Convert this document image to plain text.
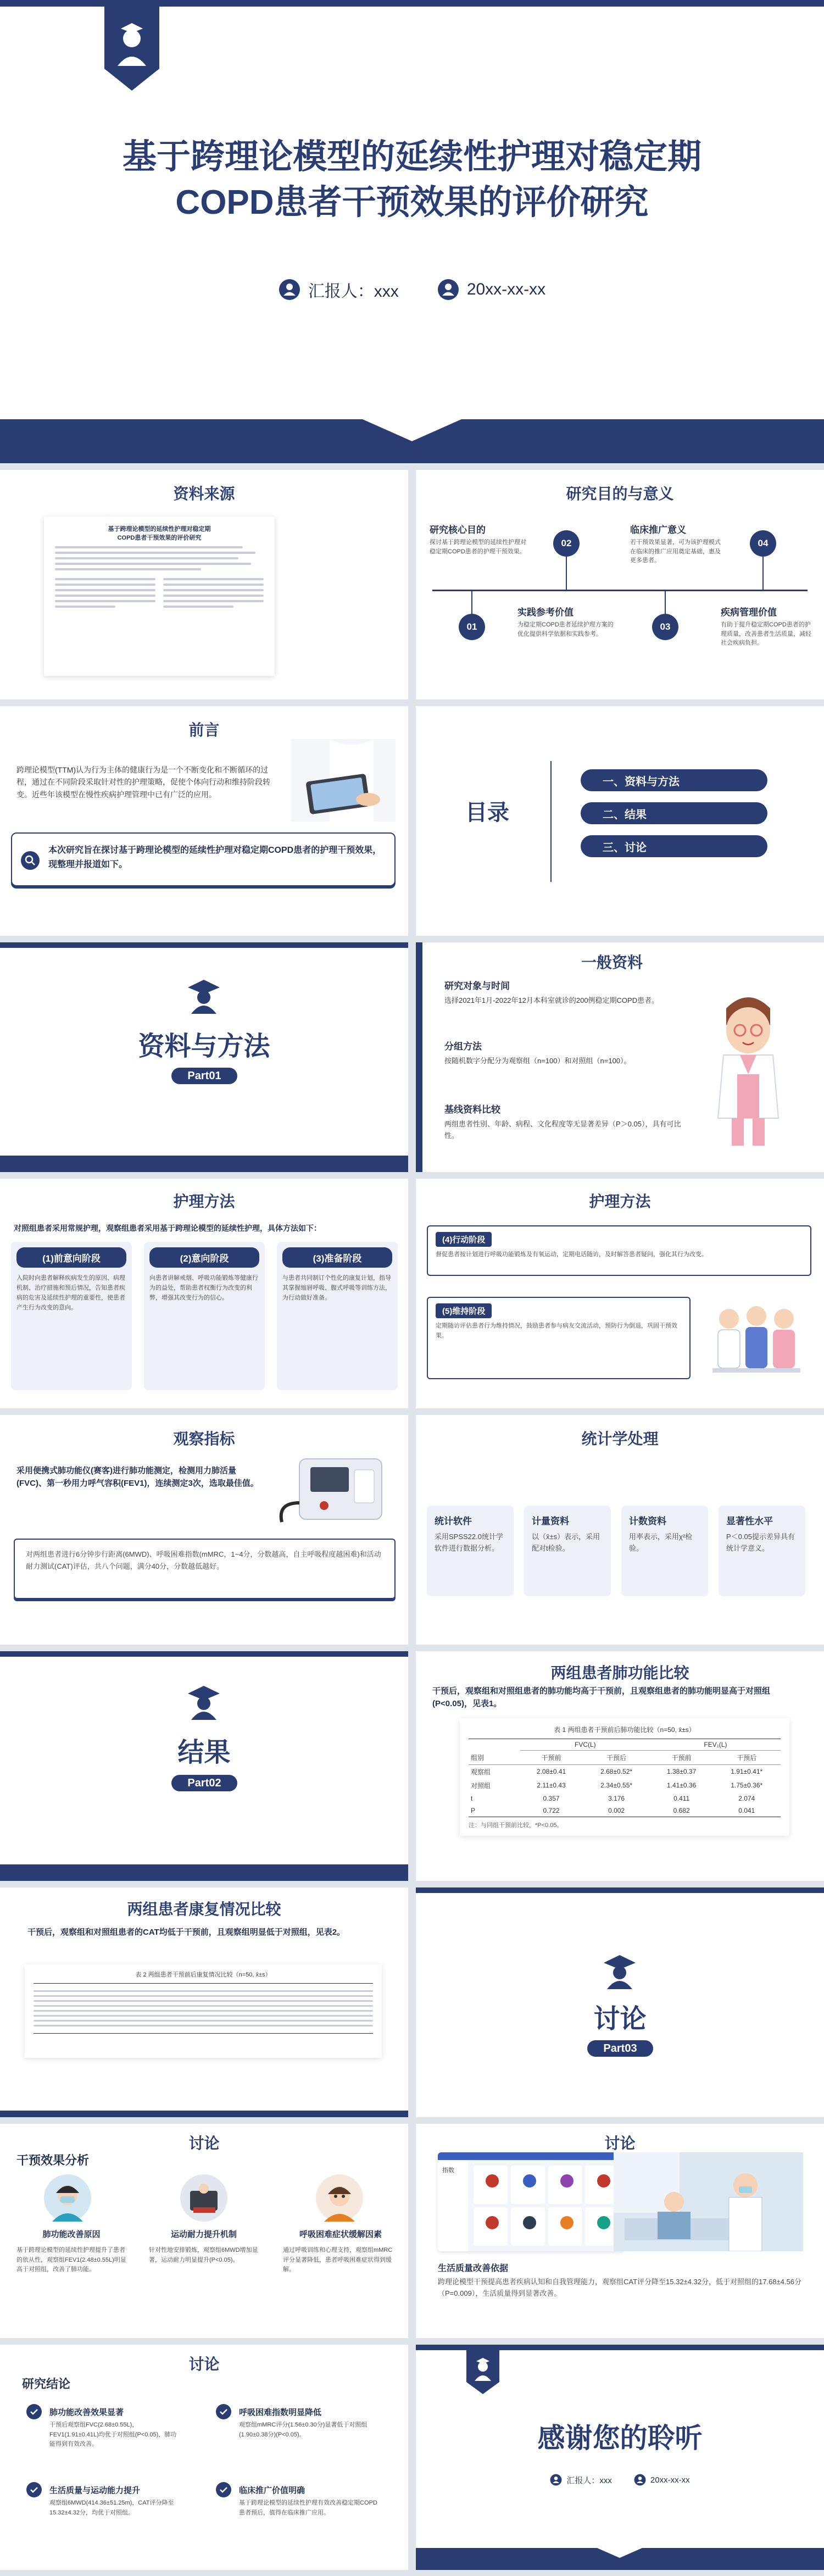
基于跨理论模型的延续性护理对稳定期
COPD患者干预效果的评价研究
汇报人：xxx	20xx-xx-xx
资料来源
基于跨理论模型的延续性护理对稳定期
COPD患者干预效果的评价研究
研究目的与意义
研究核心目的
探讨基于跨理论模型的延续性护理对稳定期COPD患者的护理干预效果。
01
02
实践参考价值
为稳定期COPD患者延续护理方案的优化提供科学依据和实践参考。
临床推广意义
若干预效果显著，可为该护理模式在临床的推广应用奠定基础，惠及更多患者。
03
04
疾病管理价值
有助于提升稳定期COPD患者的护理质量，改善患者生活质量，减轻社会疾病负担。
前言
跨理论模型(TTM)认为行为主体的健康行为是一个不断变化和不断循环的过程，通过在不同阶段采取针对性的护理策略，促使个体向行动和维持阶段转变。近些年该模型在慢性疾病护理管理中已有广泛的应用。
本次研究旨在探讨基于跨理论模型的延续性护理对稳定期COPD患者的护理干预效果，现整理并报道如下。
目录
一、资料与方法
二、结果
三、讨论
资料与方法
Part01
一般资料
研究对象与时间
选择2021年1月-2022年12月本科室就诊的200例稳定期COPD患者。
分组方法
按随机数字分配分为观察组（n=100）和对照组（n=100）。
基线资料比较
两组患者性别、年龄、病程、文化程度等无显著差异（P＞0.05），具有可比性。
护理方法
对照组患者采用常规护理，观察组患者采用基于跨理论模型的延续性护理，具体方法如下：
(1)前意向阶段
入院时向患者解释疾病发生的原因、病理机制、治疗措施和预后情况，告知患者疾病的危害及延续性护理的重要性，使患者产生行为改变的意向。
(2)意向阶段
向患者讲解戒烟、呼吸功能锻炼等健康行为的益处，帮助患者权衡行为改变的利弊，增强其改变行为的信心。
(3)准备阶段
与患者共同制订个性化的康复计划，指导其掌握缩唇呼吸、腹式呼吸等训练方法，为行动做好准备。
护理方法
(4)行动阶段
督促患者按计划进行呼吸功能锻炼及有氧运动，定期电话随访，及时解答患者疑问，强化其行为改变。
(5)维持阶段
定期随访评估患者行为维持情况，鼓励患者参与病友交流活动，预防行为倒退，巩固干预效果。
观察指标
采用便携式肺功能仪(赛客)进行肺功能测定，检测用力肺活量(FVC)、第一秒用力呼气容积(FEV1)，连续测定3次，选取最佳值。
对两组患者进行6分钟步行距离(6MWD)、呼吸困难指数(mMRC，1~4分，分数越高，自主呼吸程度越困难)和活动耐力测试(CAT)评估，共八个问题，满分40分，分数越低越好。
统计学处理
统计软件
采用SPSS22.0统计学软件进行数据分析。
计量资料
以（x̄±s）表示，采用配对t检验。
计数资料
用率表示，采用χ²检验。
显著性水平
P＜0.05提示差异具有统计学意义。
结果
Part02
两组患者肺功能比较
干预后，观察组和对照组患者的肺功能均高于干预前，且观察组患者的肺功能明显高于对照组(P<0.05)，见表1。
表 1 两组患者干预前后肺功能比较（n=50, x̄±s）
	FVC(L)		FEV₁(L)	
组别	干预前	干预后	干预前	干预后
观察组	2.08±0.41	2.68±0.52*	1.38±0.37	1.91±0.41*
对照组	2.11±0.43	2.34±0.55*	1.41±0.36	1.75±0.36*
t	0.357	3.176	0.411	2.074
P	0.722	0.002	0.682	0.041
注：与同组干预前比较，*P<0.05。
两组患者康复情况比较
干预后，观察组和对照组患者的CAT均低于干预前，且观察组明显低于对照组，见表2。
表 2 两组患者干预前后康复情况比较（n=50, x̄±s）
讨论
Part03
讨论
干预效果分析
肺功能改善原因
基于跨理论模型的延续性护理提升了患者的依从性，观察组FEV1(2.48±0.55L)明显高于对照组，改善了肺功能。
运动耐力提升机制
针对性地安排锻炼，观察组6MWD增加显著，运动耐力明显提升(P<0.05)。
呼吸困难症状缓解因素
通过呼吸训练和心理支持，观察组mMRC评分显著降低，患者呼吸困难症状得到缓解。
讨论
指数
生活质量改善依据
跨理论模型干预提高患者疾病认知和自我管理能力，观察组CAT评分降至15.32±4.32分，低于对照组的17.68±4.56分（P=0.009），生活质量得到显著改善。
讨论
研究结论
肺功能改善效果显著
干预后观察组FVC(2.68±0.55L)，FEV1(1.91±0.41L)均优于对照组(P<0.05)，肺功能得到有效改善。
呼吸困难指数明显降低
观察组mMRC评分(1.56±0.30分)显著低于对照组(1.90±0.38分)(P<0.05)。
生活质量与运动能力提升
观察组6MWD(414.36±51.25m)，CAT评分降至15.32±4.32分，均优于对照组。
临床推广价值明确
基于跨理论模型的延续性护理有效改善稳定期COPD患者预后，值得在临床推广应用。
感谢您的聆听
汇报人：xxx	20xx-xx-xx
